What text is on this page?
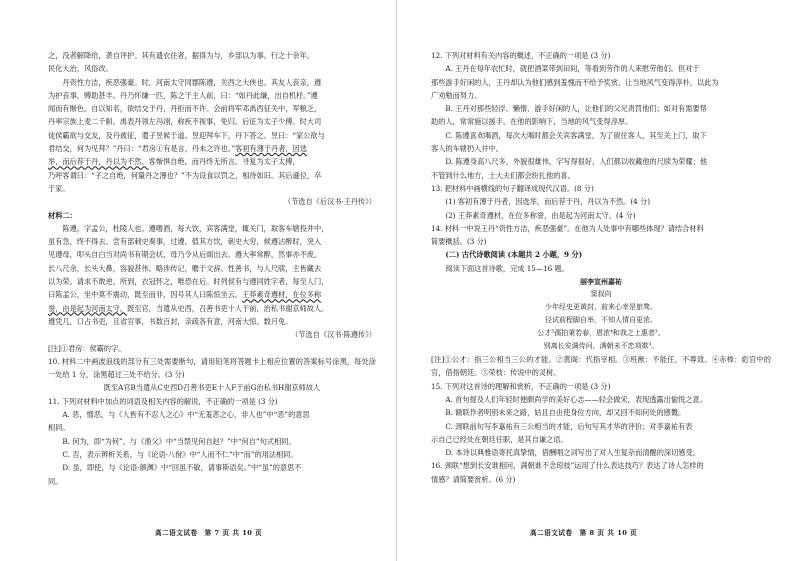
之，没者解降给，袭自评护。其有遗衣往者，据得为与，乡部以为事。行之十余年，

民化大治，风俗改。

丹资性方洁，疾恶强豪。时，河南太守同郡陈遵，关西之大侠也。其友人丧亲，遵

为护丧事，赙助甚丰。丹乃怀缣一匹，陈之于主人前，曰：“如丹此缣，出自机杼。”遵

闻而有惭色。自以知名，欲结交于丹，丹拒而不许。会前将军邓禹西征关中，军粮乏，

丹率宗族上麦二千斛。禹表丹领左冯翊，称疾不视事，免归。后征为太子少傅。时大司

徒侯霸欲与交友，及丹被征，遣子昱候于道。昱迎拜车下，丹下答之。昱曰：“家公欲与

君结交，何为见拜？”丹曰：“君房①有是言，丹未之许也。”客初有薄于丹者，因选

举，而后荐于丹，丹以为不然。客惭惧自绝，而丹终无所言。寻复为太子太傅，

乃呼客谓曰：“子之自绝，何量丹之薄也？”不为设食以罚之，相待如旧。其后遜位，卒

于家。

（节选自《后汉书·王丹传》）

材料二：

陈遵，字孟公，杜陵人也。遵嗜酒，每大饮，宾客满堂，辄关门，取客车辖投井中，

虽有急，终不得去。尝有部刺史奏事，过遵，值其方饮，刺史大穷，候遵沾醉时，突入

见遵母，叩头自白当对尚书有期会状，母乃令从后阁出去。遵大率常醉，然事亦不废。

长八尺余，长头大鼻，容貌甚伟。略涉传记，赡于文辞。性善书，与人尺牍，主皆藏去

以为荣。请求不敢逆，所到，衣冠怀之，唯恐在后。时列侯有与遵同姓字者，每至人门，

曰陈孟公，坐中莫不震动，既至而非，因号其人曰陈惊坐云。王莽素奇遵材，在位多称

誉，由是起为河南太守。既至官，当遣从史西，召善书吏十人于前，治私书谢京师故人。

遵凭几，口占书吏，且省官事，书数百封，亲疏各有意，河南大惊。数月免。

（节选自《汉书·陈遵传》）

[注]①君房：侯霸的字。

10. 材料二中画波浪线的部分有三处需要断句，请用铅笔将答题卡上相应位置的答案标号涂黑，每处涂一处给 1 分，涂黑超过三处不给分。(3 分)

既至A官B当遣从C史西D召善书吏E十人F于前G治私书H谢京师故人

11. 下列对材料中加点的词语及相关内容的解说，不正确的一项是 (3 分)

A. 恶，憎恶，与《人皆有不忍人之心》中“无羞恶之心，非人也”中“恶”的意思

相同。

B. 何为，即“为何”，与《渔父》中“当禁见何自赵？”中“何自”句式相同。

C. 否，表示辨析关系，与《论语·八佾》中“人而不仁”中“而”的用法相同。

D. 虽，即使，与《论语·颜渊》中“回虽不敏，请事斯语矣。”中“虽”的意思不

同。

高二语文试卷　第 7 页 共 10 页

12. 下列对材料有关内容的概述，不正确的一项是 (3 分)

A. 王丹在每年农忙时，就把酒菜带到田间，等看到劳作的人来慰劳他们。但对于

那些游手好闲的人，王丹却认为他们感到羞愧而不给予奖赏，让当地风气变得淳朴，以此为

广劝勉而努力。

B. 王丹对那些轻浮、懒惰、游手好闲的人，让他们的父兄责罚他们；如对有需要帮

助的人，常常施以援手，在他的影响下，当地的风气变得淳厚。

C. 陈遵喜欢喝酒，每次大喝时都会关宾客满堂，为了留住客人，其至关上门，取下

客人的车辖扔入井中。

D. 陈遵身高八尺多，外貌很雄伟，字写得很好，人们都以收藏他的尺牍为荣耀；他

不管到什么地方，士大夫们都会纷扎他的喜。

13. 把材料中画横线的句子翻译成现代汉语。(8 分)

(1) 客初有薄于丹者，因选举，而后荐于丹，丹以为不然。(4 分)

(2) 王莽素奇遵材，在位多称誉，由是起为河南太守。(4 分)

14. 材料一中说王丹“资性方洁，疾恶强豪”。在他为人处事中有哪些体现？请结合材料

简要概括。(3 分)

(二) 古代诗歌阅读 (本题共 2 小题，9 分)

阅读下面这首诗歌，完成 15—16 题。

丽李宣州嘉祐

窦叔向

少年经史更黄封，前来心幸是旅骛。

径试前程脚自举，不知人情自更浓。

公才³孺拍秉若春，恩浓⁴和我之上惠者³。

别离长安调侍问，满朝未不恋项欺³。

[注]①公才：指三公相当三公的才能。②黄阁：代指宰相。③班猷：不能任，不尊致。④赤棒：彪官中的官，借指朝廷。⑤荣枝：传说中的灵树。

15. 下列对这首诗的理解和赏析，不正确的一项是 (3 分)

A. 首句提及人们年轻时便颇尚学的美好心志——轻会做宋，表现透露出愉悦之意。

B. 额联作者明别未来之路，姑且自由使身位方向，却又回不知何处的感慨。

C. 颈联前句写李嘉祐有三公相当的才能，后句写其才华的评价；对李嘉祐有表

示自己已经处在朝廷任职，是其自谦之语。

D. 本诗以典雅语寄托真挚情，借酬唱之词写出了对人生复杂而清醒的深切感受。

16. 颈联“想到长安谁相问，满朝谁不念琼枝”运用了什么表达技巧？表达了诗人怎样的

情感？请简要赏析。(6 分)

高二语文试卷　第 8 页 共 10 页
